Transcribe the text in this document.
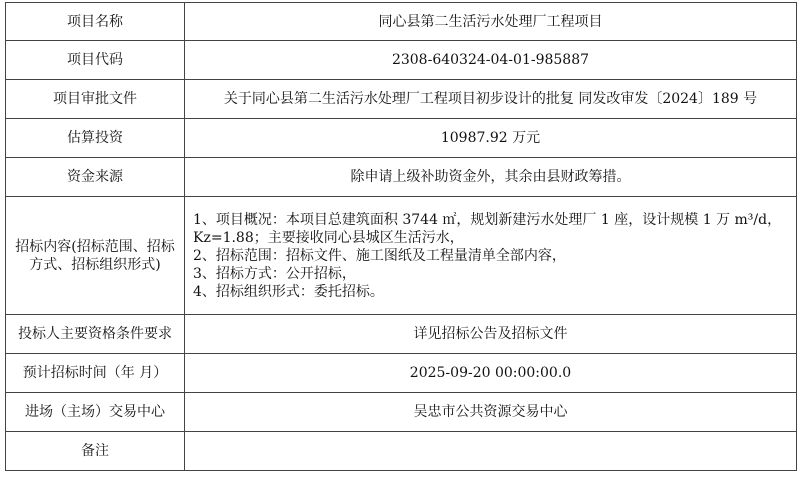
项目名称	同心县第二生活污水处理厂工程项目
项目代码	2308-640324-04-01-985887
项目审批文件	关于同心县第二生活污水处理厂工程项目初步设计的批复 同发改审发〔2024〕189 号
估算投资	10987.92 万元
资金来源	除申请上级补助资金外，其余由县财政筹措。

招标内容(招标范围、招标
方式、招标组织形式)	1、项目概况：本项目总建筑面积 3744 ㎡，规划新建污水处理厂 1 座，设计规模 1 万 m³/d，
Kz=1.88；主要接收同心县城区生活污水，
2、招标范围：招标文件、施工图纸及工程量清单全部内容，
3、招标方式：公开招标，
4、招标组织形式：委托招标。

投标人主要资格条件要求	详见招标公告及招标文件
预计招标时间（年 月）	2025-09-20 00:00:00.0
进场（主场）交易中心	吴忠市公共资源交易中心
备注	
